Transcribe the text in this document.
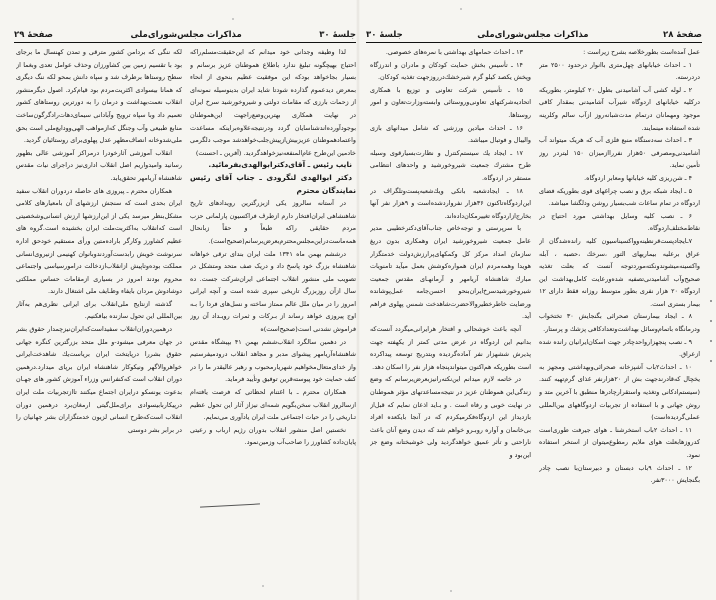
صفحهٔ ۲۹	مذاکرات مجلس‌شورای‌ملی	جلسهٔ ۳۰

لذا وظیفه وجدانی خود میدانم که این‌حقیقت‌مسلم‌راکه احتیاج بهیچگونه تبلیغ ندارد باطلاع هموطنان عزیز برسانم و بسیار بجاخواهد بودکه این موفقیت عظیم بنحوی از انحاء بمعرض دیدعموم گذارده شودتا شاید ایران بدینوسیله نمونه‌ای از زحمات بارزی که مقامات دولتی و شیروخورشید سرخ ایران در نهایت همکاری بهترین‌وضع‌راجهت این‌هموطنان بوجودآورده‌اندشناسایان گردد ودرنتیجه‌علاوه‌براینکه مساعدت واعتمادهموطنان عزیزبیش‌ازپیش‌جلب‌خواهدشد موجب دلگرمی خادمین این‌طرح عام‌المنفعه‌نیزخواهدگردید. (آفرین ـ احسنت)

نایب رئیس ـ آقای‌دکترابوالهدی‌بفرمائید.

دکتر ابوالهدی لنگرودی ـ جناب آقای رئیس نمایندگان محترم

در آستانه سالروز یکی ازبزرگترین رویدادهای تاریخ شاهنشاهی ایران‌افتخار دارم ازطرف فراکسیون پارلمانی حزب مردم حقایقی راکه طبعاً و حقاً زبانحال همه‌ماست‌دراین‌مجلس‌محترم‌بعرض‌برسانم(صحیح‌است).

درششم بهمن ماه ۱۳۴۱ ملت ایران بندای ترقی خواهانه شاهنشاه بزرگ خود پاسخ داد و دریک صف متحد ومتشکل در تصویب ملی منشور انقلاب اجتماعی ایران‌شرکت جست. ده سال ازآن روزبزرگ تاریخی سپری شده است و آنچه ایرانی امروز را در میان ملل عالم ممتاز ساخته و نسل‌های فردا را بـه اوج پیروزی خواهد رساند از بـرکات و ثمرات رویـداد آن روز فراموش نشدنی است(صحیح‌است)ه

در دهمین سالگرد انقلاب‌ششم بهمن ۴۱ بپیشگاه مقدس شاهنشاه‌آریامهر پیشوای مدبر و مجاهد انقلاب درودمیفرستیم واز خدای‌متعال‌مخواهیم شهریارمحبوب و رهبر عالیقدر ما را در کنف حمایت خود پیوسته‌قرین توفیق وتأیید فرماید.

همکاران محترم ـ با اغتنام لحظاتی که فرصت یافته‌ام ازسالروز انقلاب سخن‌بگویم شمه‌ای نیزاز آثار این تحول عظیم تـاریخی را در حیات اجتماعی ملت ایران یادآوری می‌نمایم.

نخستین اصل منشور انقلاب بدوران رژیم ارباب و رعیتی پایان‌داده کشاورز را صاحب‌آب وزمین‌نمود.

لکه ننگی که بردامن کشور مترقی و تمدن کهنسال ما برجای بود با تقسیم زمین بین کشاورزان وحذف عوامل تعدی وبغما از سطح روستاها برطرف شد و سپاه دانش بمحو لکه ننگ دیگری که همانا بیسوادی اکثریت‌مردم بود قیام‌کرد. اصول دیگرمنشور انقلاب نعمت‌بهداشت و درمان را به دورترین روستاهای کشور تعمیم داد وبا سپاه ترویج وآبادانی سیمای‌دهات‌رادگرگون‌ساخت منابع طبیعی وآب وجنگل که‌ازمواهب الهی‌وودایع‌ملی است بحق ملی‌شدوخانه انصاف‌مظهر عدل پهلوی‌برای روستائیان گردید.

انقلاب آموزشی آثارخودرا درمراکز آموزشی عالی بظهور رسانید وامیدواریم اصل انقلاب اداری‌نیز دراجرای نیات مقدس شاهنشاه آریامهر تحقق‌یابد.

همکاران محترم ـ پیروزی های حاصله دردوران انقلاب سفید ایران بحدی است که سنجش ارزشهای آن بامعیارهای کلامی مشکل‌بنظر میرسد یکی از این‌ارزشها ارزش انسانی‌وشخصیتی است که‌انقلاب به‌اکثریت‌ملت ایران بخشیده است.گروه های عظیم کشاورز وکارگر باراده‌متین ورأی مستقیم خودحق اداره سرنوشت خویش رابدست‌آوردندوبانوان کهنیمی ازنیروی‌انسانی مملکت بوده‌وتاپیش ازانقلاب‌ازدخالت درامورسیاسی واجتماعی محروم بودند امروز در بسیاری ازمقامات حساس مملکتی دوشادوش مردان بایفاء وظـایف ملی اشتغال دارند.

گذشته ازنتایج ملی‌انقلاب برای ایرانی نظری‌هم به‌آثار بین‌المللی این تحول سازنده بیافکنیم.

درهمین‌دوران‌انقلاب سفیداست‌که‌ایران‌نیزچمدار حقوق بشر در جهان معرفی میشود-و ملل متحد بزرگترین کنگره جهانی حقوق بشررا درپایتخت ایران بریاست‌یك شاهدخت‌ایرانی خواهروالاگهر ونیکوکار شاهنشاه ایران برپای میدارد.درهمین دوران انقلاب است که‌کنفرانس وزراء آموزش کشور های جهـان بدعوت یونسکو درایران اجتماع میکنند تاازتجربیات ملت ایران درپیکاربابیسوادی برای‌ملل‌گیتی ارمغان‌برد درهمین دوران انقلاب است‌که‌طرح انسانی لزیون خدمتگزاران بشر جهانیان را در برابر بشر دوستی

جلسهٔ ۳۰	مذاکرات مجلس‌شورای‌ملی	صفحهٔ ۲۸

عمل آمده‌است بطورخلاصه بشرح زیراست :

۱ ـ احداث خیابانهای چهل‌متری باانوار درحدود ۲۵۰۰ متر دردرسته.

۲ ـ لوله کشی آب آشامیدنی بطول ۲۰ کیلومتر، بطوریکه درکلیه خیابانهای اردوگاه شیرآب آشامیدنی بمقدار کافی موجود ومهمانان درتمام مدت‌شبانه‌روز ازآب سالم وکلرینه شده استفاده مینمایند.

۳ ـ احداث سه‌دستگاه منبع فلزی آب که هریک میتواند آب آشامیدنی‌ومصرفی ۵۰هزار نفرراازمیزان ۱۵۰ لیتردر روز تأمین نماید.

۴ ـ شن‌ریزی کلیه خیابانها ومعابر اردوگاه.

۵ ـ ایجاد شبکه برق و نصب چراغهای قوی بطوریکه فضای اردوگاه در تمام ساعات شب‌بسیار روشن ودلگشا میباشد.

۶ ـ نصب کلیه وسایل بهداشتی مورد احتیاج در نقاط‌مختلف‌اردوگاه.

۷ـایجادپست‌قرنطینه‌وواکسیناسیون کلیه رانده‌شدگان از عراق برعلیه بیماریهای التور ،سرخك ،حصبه ، آبله واکسینه‌میشوندونکته‌موردتوجه آنست که بعلت تغذیه صحیح‌وآب آشامیدنی‌تصفیه شده‌ورعایت کامل‌بهداشت این اردوگاه ۲۰ هزار نفری بطور متوسط روزانه فقط دارای ۱۲ بیمار بستری است.

۸ ـ ایجاد بیمارستان صحرائی بگنجایش ۳۰ تختخواب ودرمانگاه باتمام‌وسائل بهداشت‌وتعدادکافی پزشك و پرستار.

۹ ـ نصب پنجهزاروا‌حدچادر جهت اسکان‌ایرانیان رانده شده ازعراق.

۱۰ ـ احداث۲باب آشپزخانه صحرائی‌وبهداشتی ومجهز به یخچال که‌قادرند‌جهت بش از ۲۰هزار‌نفر غذای گرم‌تهیه کنند. (سیستم‌ادکانی وتغذیه واستقرارچادرها منطبق با آخرین متد و روش جهانی و با استفاده از تجربیات اردوگاههای بین‌المللی عملی‌گردیده‌است)

۱۱ ـ احداث ۲باب استخرشنا ـ هوای جیرفت طوری‌است کدروزهابعلت هوای ملایم رمطوع‌میتوان از استخر استفاده نمود.

۱۲ ـ احداث ۹باب دبستان و دبیرستان‌با نصب چادر بگنجایش ۳۰۰۰نفر.

۱۳ ـ احداث حمامهای بهداشتی با نمره‌های خصوصی.

۱۴ ـ تأسیس بخش حمایت کودکان و مادران و اندرزگاه وپخش یکصد کیلو گرم شیرخشك‌درروزجهت تغذیه کودکان.

۱۵ ـ تأسیس شرکت تعاونی و توزیع با همکاری اتحادیه‌شرکتهای تعاونی‌وروستائی وابسته‌وزارت‌تعاون و امور روستاها.

۱۶ ـ احداث میادین ورزشی که شامل میدانهای بازی والیبال و فوتبال میباشد.

۱۷ ـ ایجاد یك سیستم‌کنترل و نظارت‌بسیارقوی وسیله طرح مشترك جمعیت شیروخورشید و واحدهای انتظامی مستقر در اردوگاه.

۱۸ ـ ایجادشعبه بانکی ویك‌شعبه‌پست‌وتلگراف در این‌اردوگاه‌تاکنون ۳۶هزار نفروارد‌شده‌است و ۹هزار نفر آنها بخارج‌ازاردوگاه تغییرمکان‌داده‌اند.

با سرپرستی و توجه‌خاص جناب‌آقای‌دکترخطیبی مدیر عامل جمعیت شیروخورشید ایران وهمکاری بدون دریغ سازمان امداد مرکز کل وکمکهای‌پرارزش‌دولت خدمتگزار هویدا وهمه‌مردم ایران همواره‌کوشش بعمل میآید تامنویات مبارك شاهنشاه آریامهر و آرمانهـای مقدس جمعیت شیروخورشیدسرخ‌ایران‌بنحو احسن‌جامه عمل‌پوشانده ورضایت خاطرخطیروالاحضرت‌شاهدخت شمس پهلوی فراهم آید.

آنچه باعث خوشحالی و افتخار هرایرانی‌میگردد آنست‌که بدانیم این اردوگاه در عرض مدتی کمتر از یکهفته جهت پذیرش ششهزار نفر آماده‌گردیده وبتدریج توسعه پیداکرده است بطوریکه هم‌اکنون میتواندپنجاه هزار نفر را اسکان دهد.

در خاتمه لازم میدانم این‌نکته‌رانیزبعرض‌برسانم که وضع زندگی‌این هموطنان عزیز در نتیجه‌مساعدتهای مؤثر هموطنان در نهایت خوبی و رفاه است . و بـاید اذعان نمایم که قبل‌از بازدیداز این اردوگاه‌فکرمیکردم که در آنجا بایکعده افراد بی‌خانمان و آواره روبـرو خواهم شد که دیدن وضع آنان باعث ناراحتی و تأثر عمیق خواهدگردید ولی خوشبختانه وضع جز این‌بود و
